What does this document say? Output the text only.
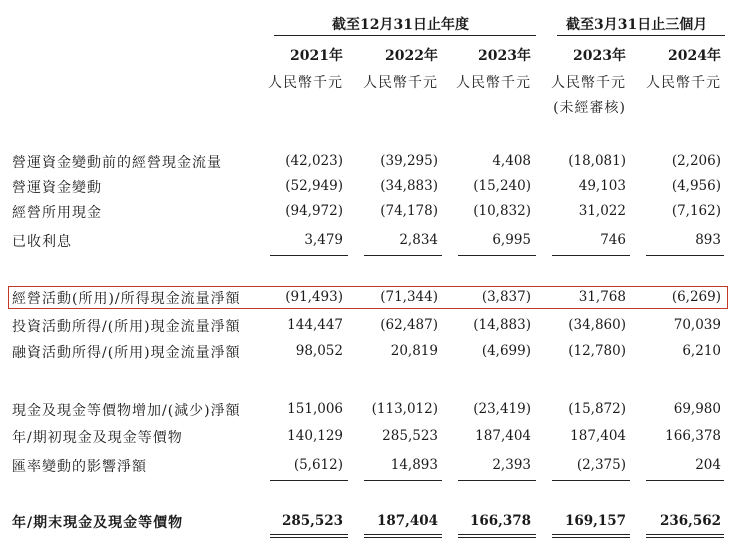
截至12月31日止年度	截至3月31日止三個月
2021年	2022年	2023年	2023年	2024年
人民幣千元 人民幣千元 人民幣千元 人民幣千元 人民幣千元
(未經審核)
營運資金變動前的經營現金流量	(42,023)	(39,295)	4,408	(18,081)	(2,206)
營運資金變動	(52,949)	(34,883)	(15,240)	49,103	(4,956)
經營所用現金	(94,972)	(74,178)	(10,832)	31,022	(7,162)
已收利息	3,479	2,834	6,995	746	893
經營活動(所用)/所得現金流量淨額	(91,493)	(71,344)	(3,837)	31,768	(6,269)
投資活動所得/(所用)現金流量淨額	144,447	(62,487)	(14,883)	(34,860)	70,039
融資活動所得/(所用)現金流量淨額	98,052	20,819	(4,699)	(12,780)	6,210
現金及現金等價物增加/(減少)淨額	151,006 (113,012)	(23,419)	(15,872)	69,980
年/期初現金及現金等價物	140,129	285,523	187,404	187,404	166,378
匯率變動的影響淨額	(5,612)	14,893	2,393	(2,375)	204
年/期末現金及現金等價物	285,523	187,404 166,378	169,157	236,562
